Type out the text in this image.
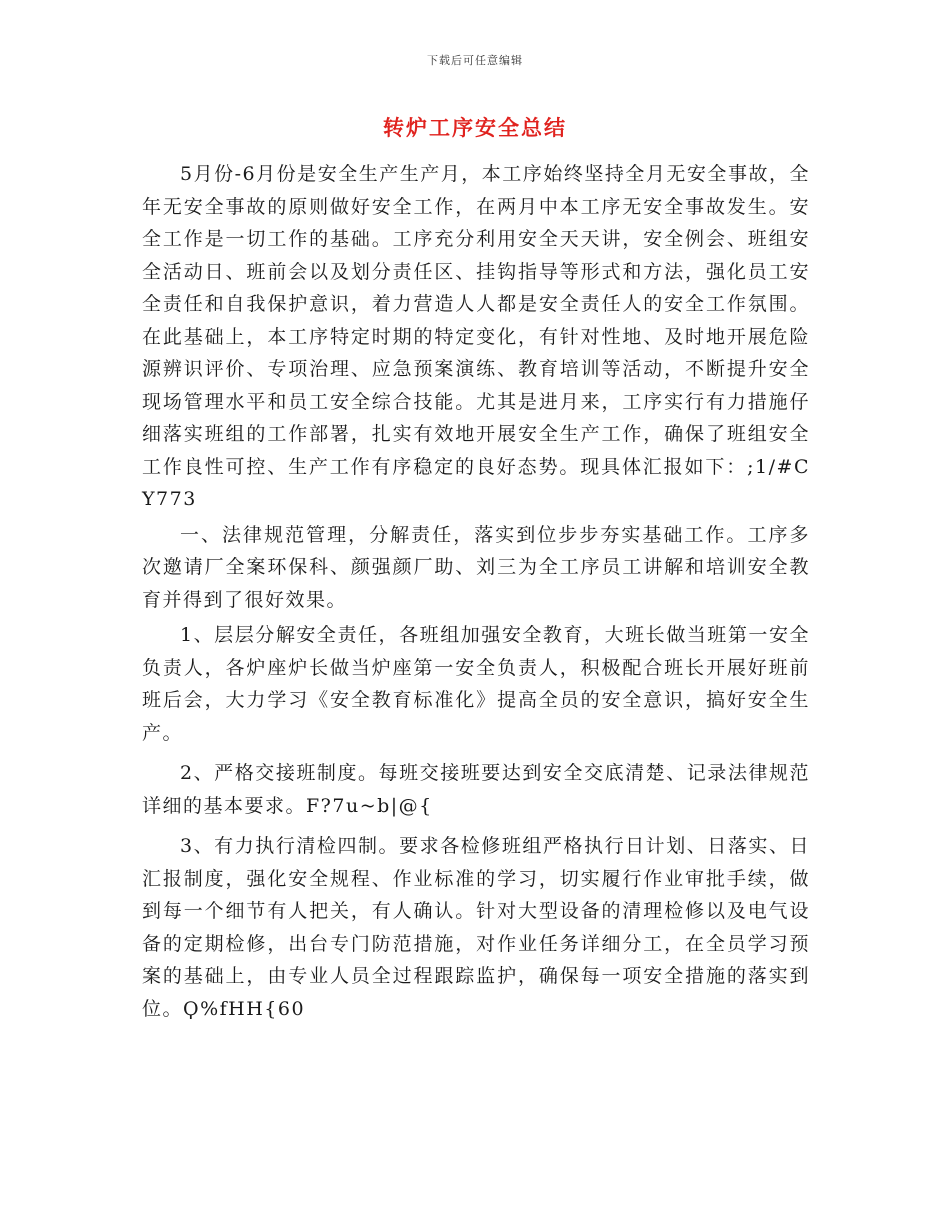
下载后可任意编辑
转炉工序安全总结

5月份-6月份是安全生产生产月，本工序始终坚持全月无安全事故，全年无安全事故的原则做好安全工作，在两月中本工序无安全事故发生。安全工作是一切工作的基础。工序充分利用安全天天讲，安全例会、班组安全活动日、班前会以及划分责任区、挂钩指导等形式和方法，强化员工安全责任和自我保护意识，着力营造人人都是安全责任人的安全工作氛围。在此基础上，本工序特定时期的特定变化，有针对性地、及时地开展危险源辨识评价、专项治理、应急预案演练、教育培训等活动，不断提升安全现场管理水平和员工安全综合技能。尤其是进月来，工序实行有力措施仔细落实班组的工作部署，扎实有效地开展安全生产工作，确保了班组安全工作良性可控、生产工作有序稳定的良好态势。现具体汇报如下：;1/#CY773

一、法律规范管理，分解责任，落实到位步步夯实基础工作。工序多次邀请厂全案环保科、颜强颜厂助、刘三为全工序员工讲解和培训安全教育并得到了很好效果。

1、层层分解安全责任，各班组加强安全教育，大班长做当班第一安全负责人，各炉座炉长做当炉座第一安全负责人，积极配合班长开展好班前班后会，大力学习《安全教育标准化》提高全员的安全意识，搞好安全生产。

2、严格交接班制度。每班交接班要达到安全交底清楚、记录法律规范详细的基本要求。F?7u~b|@{

3、有力执行清检四制。要求各检修班组严格执行日计划、日落实、日汇报制度，强化安全规程、作业标准的学习，切实履行作业审批手续，做到每一个细节有人把关，有人确认。针对大型设备的清理检修以及电气设备的定期检修，出台专门防范措施，对作业任务详细分工，在全员学习预案的基础上，由专业人员全过程跟踪监护，确保每一项安全措施的落实到位。Ϙ%fHH{60
